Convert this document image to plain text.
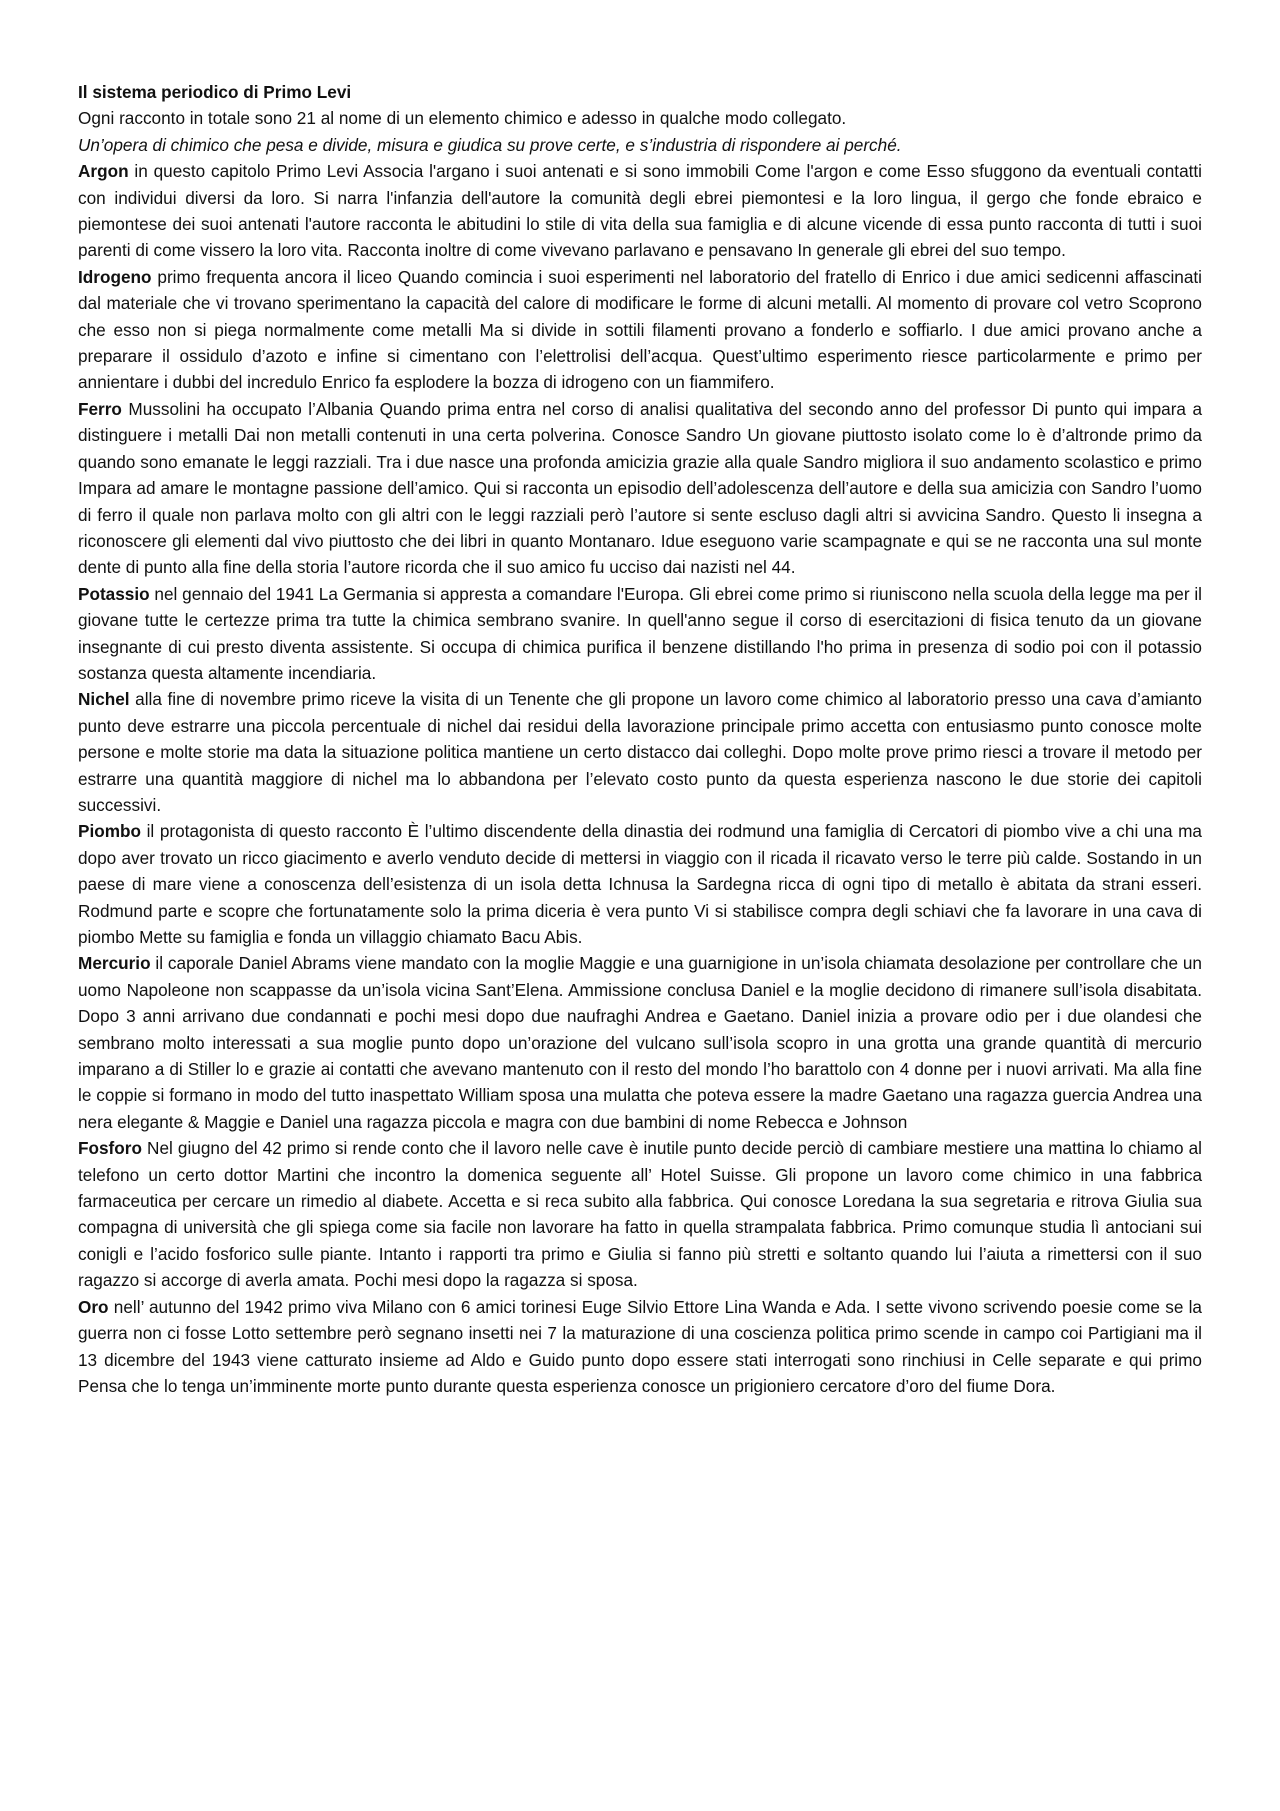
Il sistema periodico di Primo Levi

Ogni racconto in totale sono 21 al nome di un elemento chimico e adesso in qualche modo collegato.

Un’opera di chimico che pesa e divide, misura e giudica su prove certe, e s’industria di rispondere ai perché.

Argon in questo capitolo Primo Levi Associa l'argano i suoi antenati e si sono immobili Come l'argon e come Esso sfuggono da eventuali contatti con individui diversi da loro. Si narra l'infanzia dell'autore la comunità degli ebrei piemontesi e la loro lingua, il gergo che fonde ebraico e piemontese dei suoi antenati l'autore racconta le abitudini lo stile di vita della sua famiglia e di alcune vicende di essa punto racconta di tutti i suoi parenti di come vissero la loro vita. Racconta inoltre di come vivevano parlavano e pensavano In generale gli ebrei del suo tempo.

Idrogeno primo frequenta ancora il liceo Quando comincia i suoi esperimenti nel laboratorio del fratello di Enrico i due amici sedicenni affascinati dal materiale che vi trovano sperimentano la capacità del calore di modificare le forme di alcuni metalli. Al momento di provare col vetro Scoprono che esso non si piega normalmente come metalli Ma si divide in sottili filamenti provano a fonderlo e soffiarlo. I due amici provano anche a preparare il ossidulo d’azoto e infine si cimentano con l’elettrolisi dell’acqua. Quest’ultimo esperimento riesce particolarmente e primo per annientare i dubbi del incredulo Enrico fa esplodere la bozza di idrogeno con un fiammifero.

Ferro Mussolini ha occupato l’Albania Quando prima entra nel corso di analisi qualitativa del secondo anno del professor Di punto qui impara a distinguere i metalli Dai non metalli contenuti in una certa polverina. Conosce Sandro Un giovane piuttosto isolato come lo è d’altronde primo da quando sono emanate le leggi razziali. Tra i due nasce una profonda amicizia grazie alla quale Sandro migliora il suo andamento scolastico e primo Impara ad amare le montagne passione dell’amico. Qui si racconta un episodio dell’adolescenza dell’autore e della sua amicizia con Sandro l’uomo di ferro il quale non parlava molto con gli altri con le leggi razziali però l’autore si sente escluso dagli altri si avvicina Sandro. Questo li insegna a riconoscere gli elementi dal vivo piuttosto che dei libri in quanto Montanaro. Idue eseguono varie scampagnate e qui se ne racconta una sul monte dente di punto alla fine della storia l’autore ricorda che il suo amico fu ucciso dai nazisti nel 44.

Potassio nel gennaio del 1941 La Germania si appresta a comandare l'Europa. Gli ebrei come primo si riuniscono nella scuola della legge ma per il giovane tutte le certezze prima tra tutte la chimica sembrano svanire. In quell'anno segue il corso di esercitazioni di fisica tenuto da un giovane insegnante di cui presto diventa assistente. Si occupa di chimica purifica il benzene distillando l'ho prima in presenza di sodio poi con il potassio sostanza questa altamente incendiaria.

Nichel alla fine di novembre primo riceve la visita di un Tenente che gli propone un lavoro come chimico al laboratorio presso una cava d’amianto punto deve estrarre una piccola percentuale di nichel dai residui della lavorazione principale primo accetta con entusiasmo punto conosce molte persone e molte storie ma data la situazione politica mantiene un certo distacco dai colleghi. Dopo molte prove primo riesci a trovare il metodo per estrarre una quantità maggiore di nichel ma lo abbandona per l’elevato costo punto da questa esperienza nascono le due storie dei capitoli successivi.

Piombo il protagonista di questo racconto È l’ultimo discendente della dinastia dei rodmund una famiglia di Cercatori di piombo vive a chi una ma dopo aver trovato un ricco giacimento e averlo venduto decide di mettersi in viaggio con il ricada il ricavato verso le terre più calde. Sostando in un paese di mare viene a conoscenza dell’esistenza di un isola detta Ichnusa la Sardegna ricca di ogni tipo di metallo è abitata da strani esseri. Rodmund parte e scopre che fortunatamente solo la prima diceria è vera punto Vi si stabilisce compra degli schiavi che fa lavorare in una cava di piombo Mette su famiglia e fonda un villaggio chiamato Bacu Abis.

Mercurio il caporale Daniel Abrams viene mandato con la moglie Maggie e una guarnigione in un’isola chiamata desolazione per controllare che un uomo Napoleone non scappasse da un’isola vicina Sant’Elena. Ammissione conclusa Daniel e la moglie decidono di rimanere sull’isola disabitata. Dopo 3 anni arrivano due condannati e pochi mesi dopo due naufraghi Andrea e Gaetano. Daniel inizia a provare odio per i due olandesi che sembrano molto interessati a sua moglie punto dopo un’orazione del vulcano sull’isola scopro in una grotta una grande quantità di mercurio imparano a di Stiller lo e grazie ai contatti che avevano mantenuto con il resto del mondo l’ho barattolo con 4 donne per i nuovi arrivati. Ma alla fine le coppie si formano in modo del tutto inaspettato William sposa una mulatta che poteva essere la madre Gaetano una ragazza guercia Andrea una nera elegante & Maggie e Daniel una ragazza piccola e magra con due bambini di nome Rebecca e Johnson

Fosforo Nel giugno del 42 primo si rende conto che il lavoro nelle cave è inutile punto decide perciò di cambiare mestiere una mattina lo chiamo al telefono un certo dottor Martini che incontro la domenica seguente all’ Hotel Suisse. Gli propone un lavoro come chimico in una fabbrica farmaceutica per cercare un rimedio al diabete. Accetta e si reca subito alla fabbrica. Qui conosce Loredana la sua segretaria e ritrova Giulia sua compagna di università che gli spiega come sia facile non lavorare ha fatto in quella strampalata fabbrica. Primo comunque studia lì antociani sui conigli e l’acido fosforico sulle piante. Intanto i rapporti tra primo e Giulia si fanno più stretti e soltanto quando lui l’aiuta a rimettersi con il suo ragazzo si accorge di averla amata. Pochi mesi dopo la ragazza si sposa.

Oro nell’ autunno del 1942 primo viva Milano con 6 amici torinesi Euge Silvio Ettore Lina Wanda e Ada. I sette vivono scrivendo poesie come se la guerra non ci fosse Lotto settembre però segnano insetti nei 7 la maturazione di una coscienza politica primo scende in campo coi Partigiani ma il 13 dicembre del 1943 viene catturato insieme ad Aldo e Guido punto dopo essere stati interrogati sono rinchiusi in Celle separate e qui primo Pensa che lo tenga un’imminente morte punto durante questa esperienza conosce un prigioniero cercatore d’oro del fiume Dora.
